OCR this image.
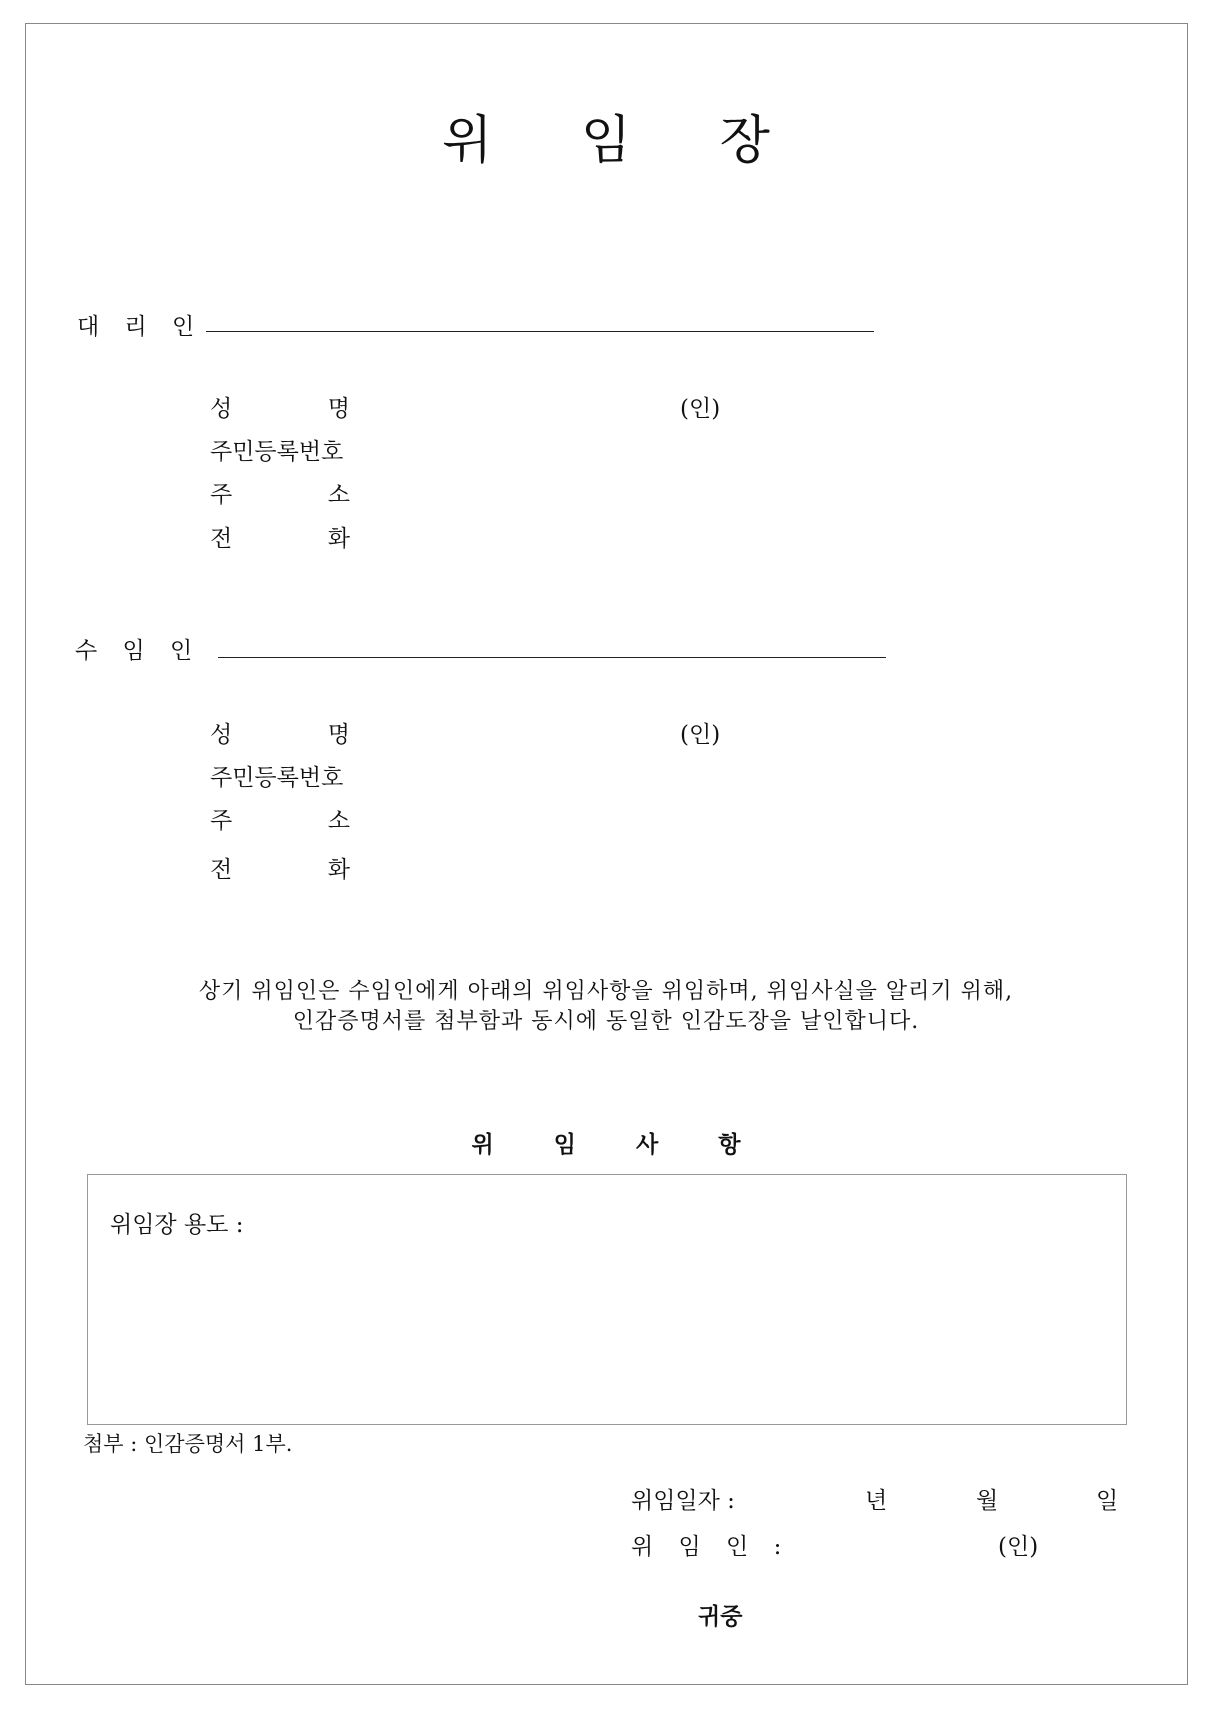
위 임 장
대 리 인
성	명	(인)
주민등록번호
주	소
전	화
수 임 인
성	명	(인)
주민등록번호
주	소
전	화
상기 위임인은 수임인에게 아래의 위임사항을 위임하며, 위임사실을 알리기 위해,
인감증명서를 첨부함과 동시에 동일한 인감도장을 날인합니다.
위 임 사 항
위임장 용도 :
첨부 : 인감증명서 1부.
위임일자 :	년	월	일
위 임 인 :	(인)
귀중
